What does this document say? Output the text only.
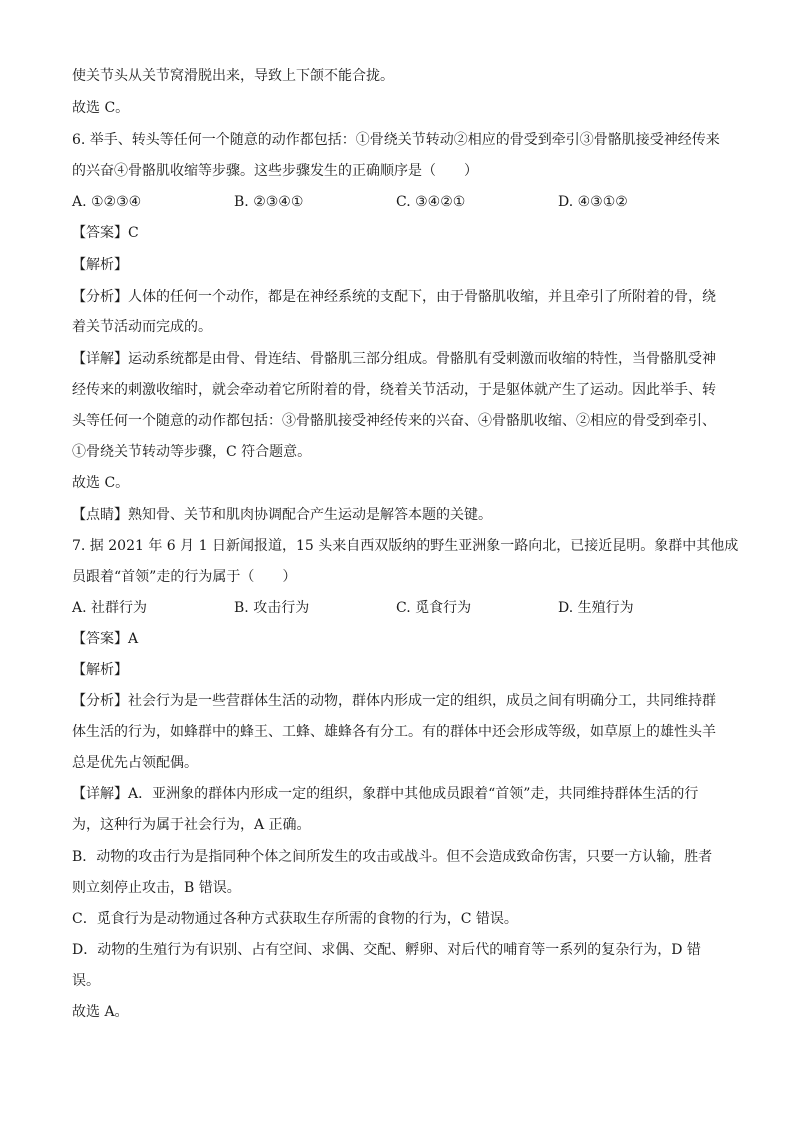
使关节头从关节窝滑脱出来，导致上下颌不能合拢。
故选 C。
6. 举手、转头等任何一个随意的动作都包括：①骨绕关节转动②相应的骨受到牵引③骨骼肌接受神经传来
的兴奋④骨骼肌收缩等步骤。这些步骤发生的正确顺序是（　　）
A. ①②③④	B. ②③④①	C. ③④②①	D. ④③①②
【答案】C
【解析】
【分析】人体的任何一个动作，都是在神经系统的支配下，由于骨骼肌收缩，并且牵引了所附着的骨，绕
着关节活动而完成的。
【详解】运动系统都是由骨、骨连结、骨骼肌三部分组成。骨骼肌有受刺激而收缩的特性，当骨骼肌受神
经传来的刺激收缩时，就会牵动着它所附着的骨，绕着关节活动，于是躯体就产生了运动。因此举手、转
头等任何一个随意的动作都包括：③骨骼肌接受神经传来的兴奋、④骨骼肌收缩、②相应的骨受到牵引、
①骨绕关节转动等步骤，C 符合题意。
故选 C。
【点睛】熟知骨、关节和肌肉协调配合产生运动是解答本题的关键。
7. 据 2021 年 6 月 1 日新闻报道，15 头来自西双版纳的野生亚洲象一路向北，已接近昆明。象群中其他成
员跟着“首领”走的行为属于（　　）
A. 社群行为	B. 攻击行为	C. 觅食行为	D. 生殖行为
【答案】A
【解析】
【分析】社会行为是一些营群体生活的动物，群体内形成一定的组织，成员之间有明确分工，共同维持群
体生活的行为，如蜂群中的蜂王、工蜂、雄蜂各有分工。有的群体中还会形成等级，如草原上的雄性头羊
总是优先占领配偶。
【详解】A．亚洲象的群体内形成一定的组织，象群中其他成员跟着“首领”走，共同维持群体生活的行
为，这种行为属于社会行为，A 正确。
B．动物的攻击行为是指同种个体之间所发生的攻击或战斗。但不会造成致命伤害，只要一方认输，胜者
则立刻停止攻击，B 错误。
C．觅食行为是动物通过各种方式获取生存所需的食物的行为，C 错误。
D．动物的生殖行为有识别、占有空间、求偶、交配、孵卵、对后代的哺育等一系列的复杂行为，D 错
误。
故选 A。
